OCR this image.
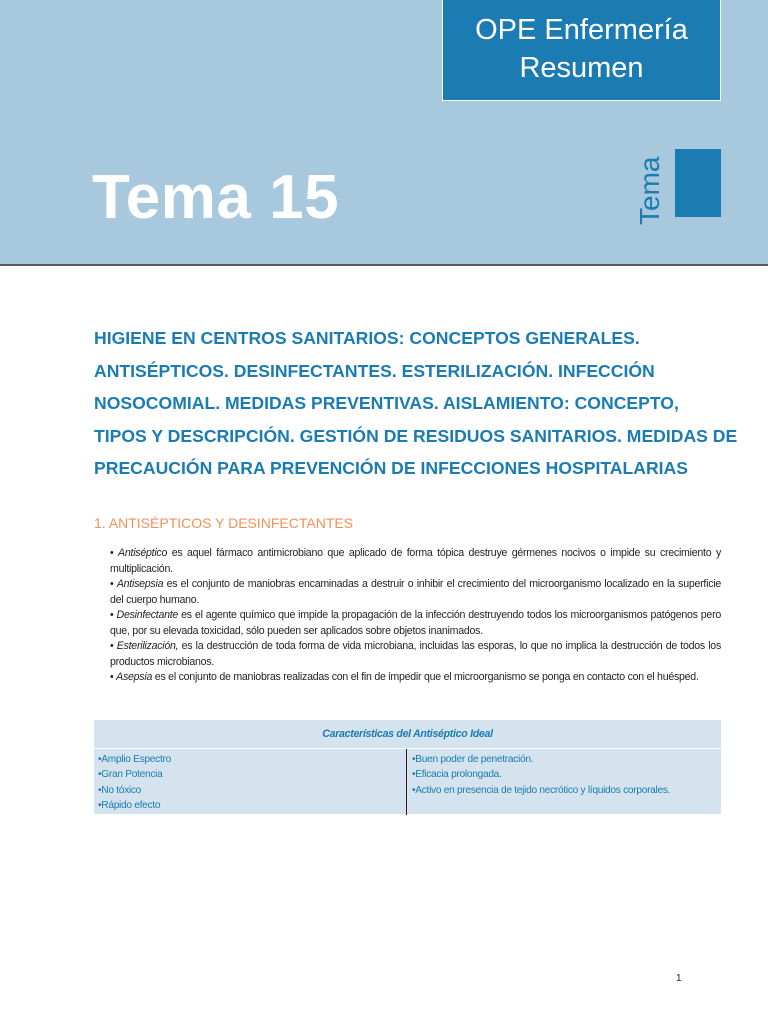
OPE Enfermería
Resumen
Tema 15	Tema
HIGIENE EN CENTROS SANITARIOS: CONCEPTOS GENERALES.
ANTISÉPTICOS. DESINFECTANTES. ESTERILIZACIÓN. INFECCIÓN
NOSOCOMIAL. MEDIDAS PREVENTIVAS. AISLAMIENTO: CONCEPTO,
TIPOS Y DESCRIPCIÓN. GESTIÓN DE RESIDUOS SANITARIOS. MEDIDAS DE
PRECAUCIÓN PARA PREVENCIÓN DE INFECCIONES HOSPITALARIAS
1. ANTISÉPTICOS Y DESINFECTANTES

• Antiséptico es aquel fármaco antimicrobiano que aplicado de forma tópica destruye gérmenes nocivos o impide su crecimiento y multiplicación.

• Antisepsia es el conjunto de maniobras encaminadas a destruir o inhibir el crecimiento del microorganismo localizado en la superficie del cuerpo humano.

• Desinfectante es el agente químico que impide la propagación de la infección destruyendo todos los microorganismos patógenos pero que, por su elevada toxicidad, sólo pueden ser aplicados sobre objetos inanimados.

• Esterilización, es la destrucción de toda forma de vida microbiana, incluidas las esporas, lo que no implica la destrucción de todos los productos microbianos.

• Asepsia es el conjunto de maniobras realizadas con el fin de impedir que el microorganismo se ponga en contacto con el huésped.

Características del Antiséptico Ideal
•Amplio Espectro
•Gran Potencia
•No tóxico
•Rápido efecto
•Buen poder de penetración.
•Eficacia prolongada.
•Activo en presencia de tejido necrótico y líquidos corporales.
1
